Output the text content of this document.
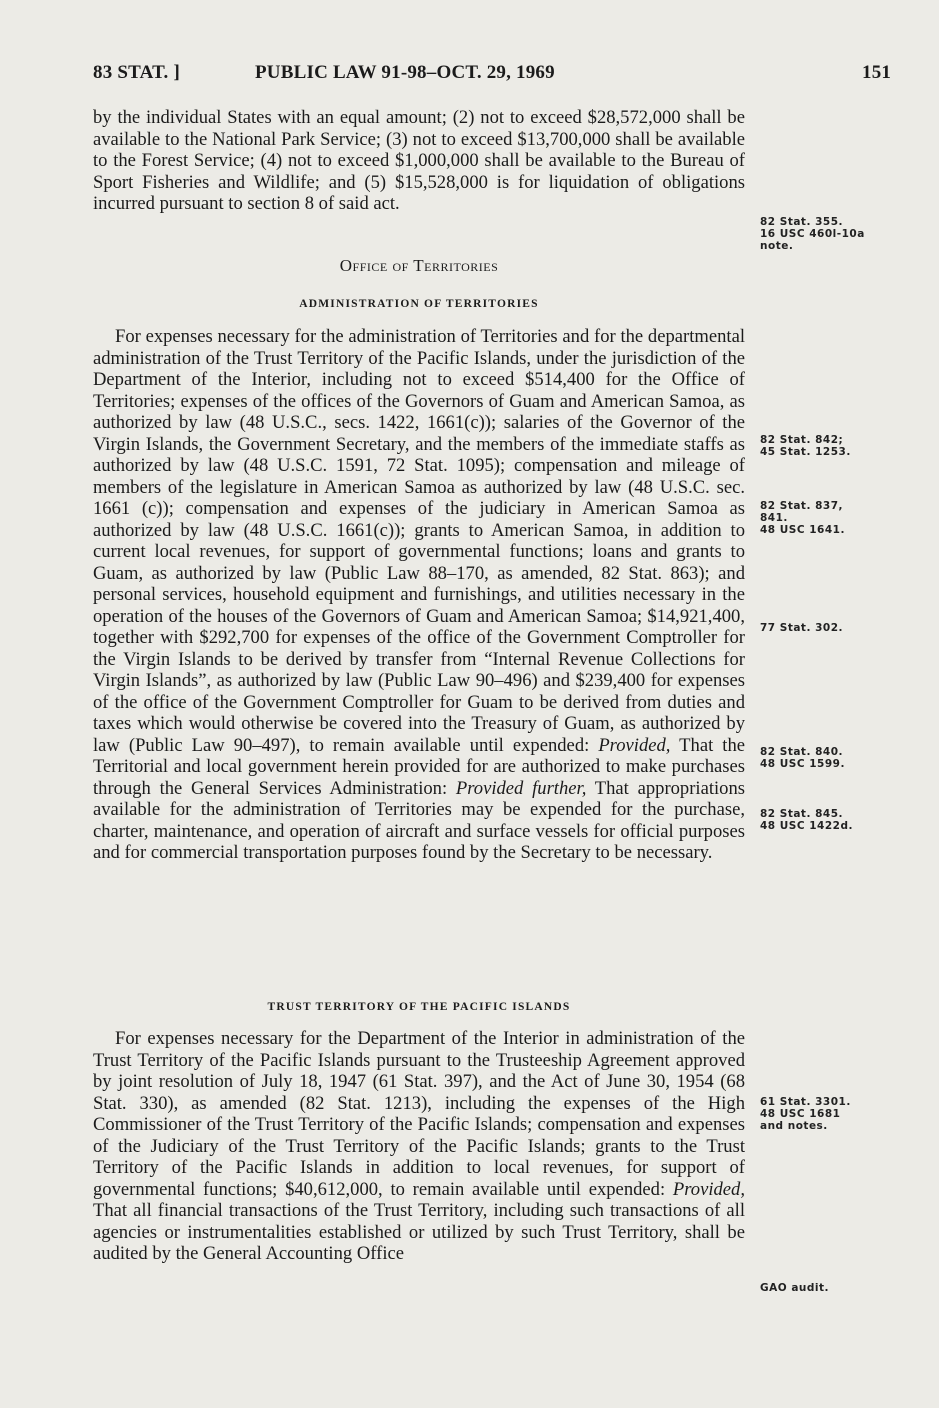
83 STAT. ]	PUBLIC LAW 91-98–OCT. 29, 1969	151

by the individual States with an equal amount; (2) not to exceed $28,572,000 shall be available to the National Park Service; (3) not to exceed $13,700,000 shall be available to the Forest Service; (4) not to exceed $1,000,000 shall be available to the Bureau of Sport Fisheries and Wildlife; and (5) $15,528,000 is for liquidation of obligations incurred pursuant to section 8 of said act.

Office of Territories
ADMINISTRATION OF TERRITORIES

For expenses necessary for the administration of Territories and for the departmental administration of the Trust Territory of the Pacific Islands, under the jurisdiction of the Department of the Interior, including not to exceed $514,400 for the Office of Territories; expenses of the offices of the Governors of Guam and American Samoa, as authorized by law (48 U.S.C., secs. 1422, 1661(c)); salaries of the Governor of the Virgin Islands, the Government Secretary, and the members of the immediate staffs as authorized by law (48 U.S.C. 1591, 72 Stat. 1095); compensation and mileage of members of the legislature in American Samoa as authorized by law (48 U.S.C. sec. 1661 (c)); compensation and expenses of the judiciary in American Samoa as authorized by law (48 U.S.C. 1661(c)); grants to American Samoa, in addition to current local revenues, for support of governmental functions; loans and grants to Guam, as authorized by law (Public Law 88–170, as amended, 82 Stat. 863); and personal services, household equipment and furnishings, and utilities necessary in the operation of the houses of the Governors of Guam and American Samoa; $14,921,400, together with $292,700 for expenses of the office of the Government Comptroller for the Virgin Islands to be derived by transfer from “Internal Revenue Collections for Virgin Islands”, as authorized by law (Public Law 90–496) and $239,400 for expenses of the office of the Government Comptroller for Guam to be derived from duties and taxes which would otherwise be covered into the Treasury of Guam, as authorized by law (Public Law 90–497), to remain available until expended: Provided, That the Territorial and local government herein provided for are authorized to make purchases through the General Services Administration: Provided further, That appropriations available for the administration of Territories may be expended for the purchase, charter, maintenance, and operation of aircraft and surface vessels for official purposes and for commercial transportation purposes found by the Secretary to be necessary.

TRUST TERRITORY OF THE PACIFIC ISLANDS

For expenses necessary for the Department of the Interior in administration of the Trust Territory of the Pacific Islands pursuant to the Trusteeship Agreement approved by joint resolution of July 18, 1947 (61 Stat. 397), and the Act of June 30, 1954 (68 Stat. 330), as amended (82 Stat. 1213), including the expenses of the High Commissioner of the Trust Territory of the Pacific Islands; compensation and expenses of the Judiciary of the Trust Territory of the Pacific Islands; grants to the Trust Territory of the Pacific Islands in addition to local revenues, for support of governmental functions; $40,612,000, to remain available until expended: Provided, That all financial transactions of the Trust Territory, including such transactions of all agencies or instrumentalities established or utilized by such Trust Territory, shall be audited by the General Accounting Office

82 Stat. 355.
16 USC 460l-10a
note.
82 Stat. 842;
45 Stat. 1253.
82 Stat. 837,
841.
48 USC 1641.
77 Stat. 302.
82 Stat. 840.
48 USC 1599.
82 Stat. 845.
48 USC 1422d.
61 Stat. 3301.
48 USC 1681
and notes.
GAO audit.
